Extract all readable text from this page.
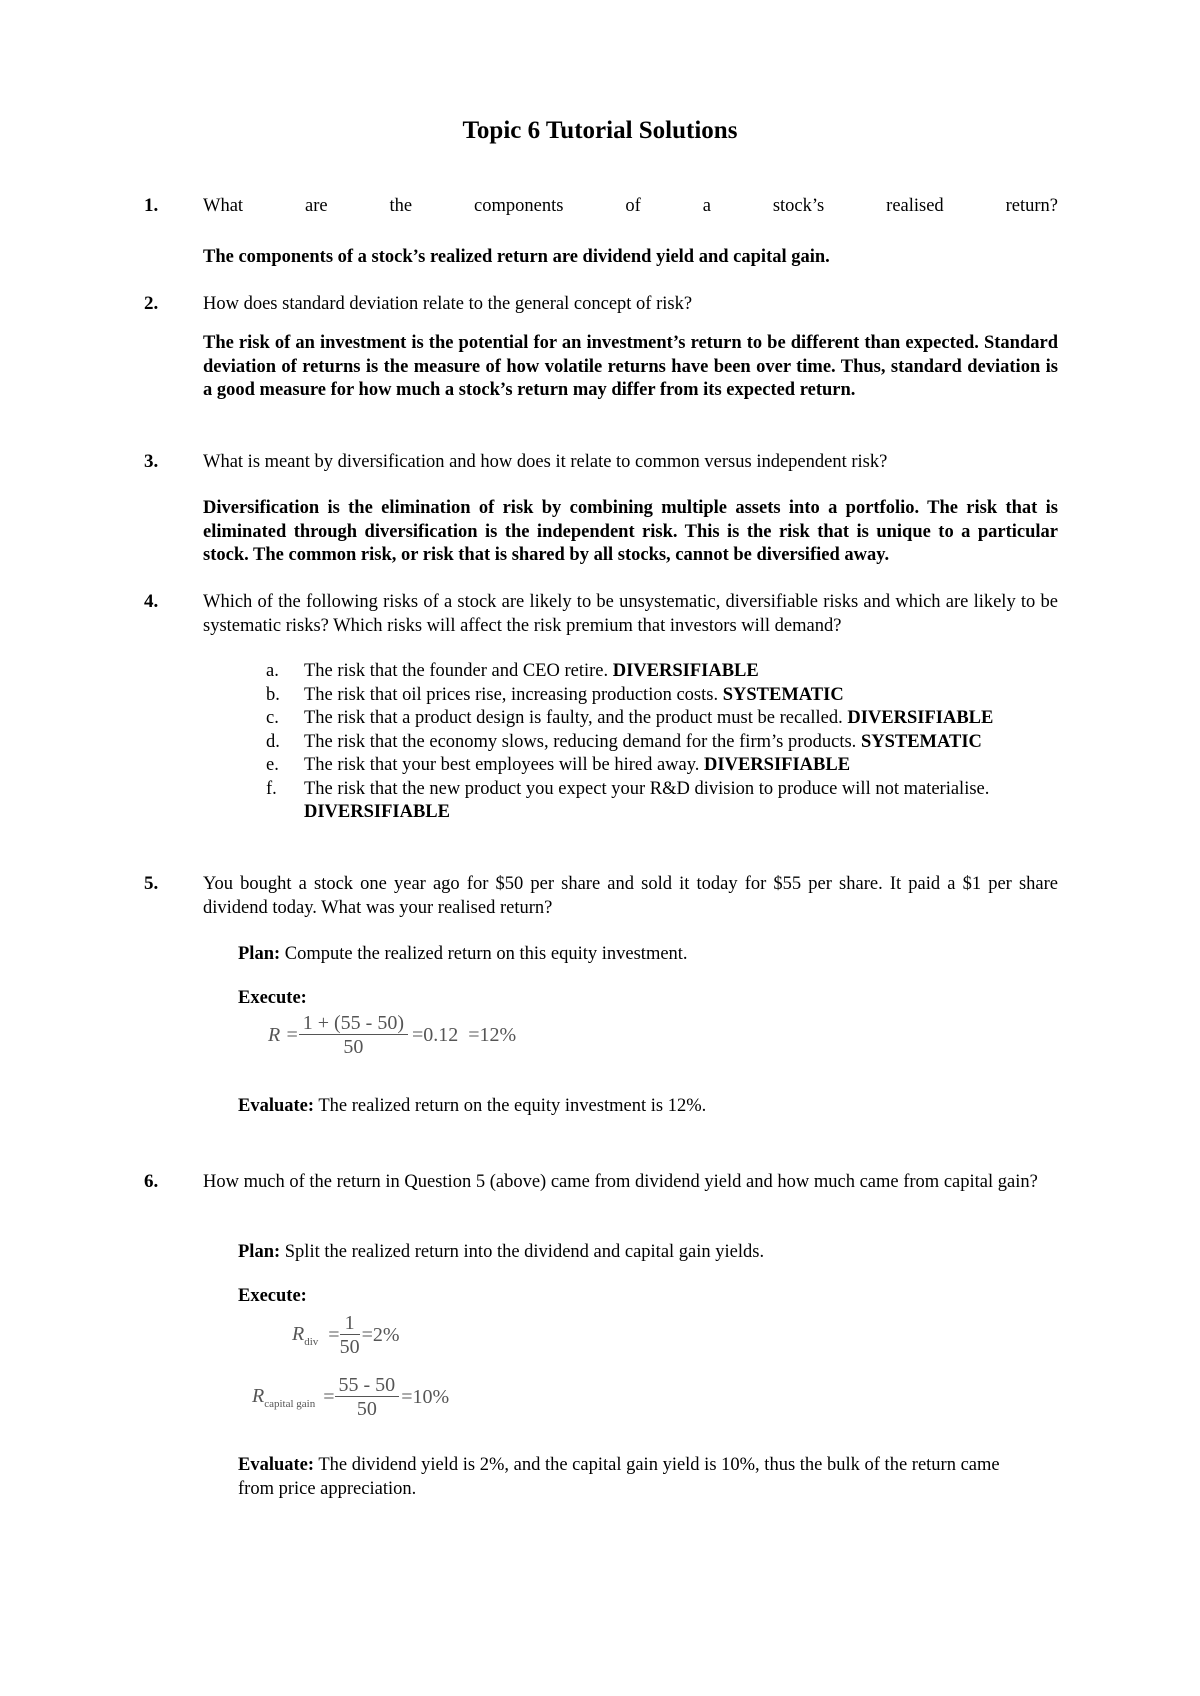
Topic 6 Tutorial Solutions
1.	What are the components of a stock’s realised return?
The components of a stock’s realized return are dividend yield and capital gain.
2.	How does standard deviation relate to the general concept of risk?
The risk of an investment is the potential for an investment’s return to be different than expected. Standard deviation of returns is the measure of how volatile returns have been over time. Thus, standard deviation is a good measure for how much a stock’s return may differ from its expected return.
3.	What is meant by diversification and how does it relate to common versus independent risk?
Diversification is the elimination of risk by combining multiple assets into a portfolio. The risk that is eliminated through diversification is the independent risk. This is the risk that is unique to a particular stock. The common risk, or risk that is shared by all stocks, cannot be diversified away.
4.	Which of the following risks of a stock are likely to be unsystematic, diversifiable risks and which are likely to be systematic risks? Which risks will affect the risk premium that investors will demand?
a. The risk that the founder and CEO retire. DIVERSIFIABLE
b. The risk that oil prices rise, increasing production costs. SYSTEMATIC
c. The risk that a product design is faulty, and the product must be recalled. DIVERSIFIABLE
d. The risk that the economy slows, reducing demand for the firm’s products. SYSTEMATIC
e. The risk that your best employees will be hired away. DIVERSIFIABLE
f. The risk that the new product you expect your R&D division to produce will not materialise. DIVERSIFIABLE
5.	You bought a stock one year ago for $50 per share and sold it today for $55 per share. It paid a $1 per share dividend today. What was your realised return?
Plan: Compute the realized return on this equity investment.
Execute:
$R = \frac{1 + (55 - 50)}{50} =0.12 =12\%$
Evaluate: The realized return on the equity investment is 12%.
6.	How much of the return in Question 5 (above) came from dividend yield and how much came from capital gain?
Plan: Split the realized return into the dividend and capital gain yields.
Execute:
$R_{div} = \frac{1}{50} =2\%$
$R_{capital gain} = \frac{55 - 50}{50} =10\%$
Evaluate: The dividend yield is 2%, and the capital gain yield is 10%, thus the bulk of the return came from price appreciation.
